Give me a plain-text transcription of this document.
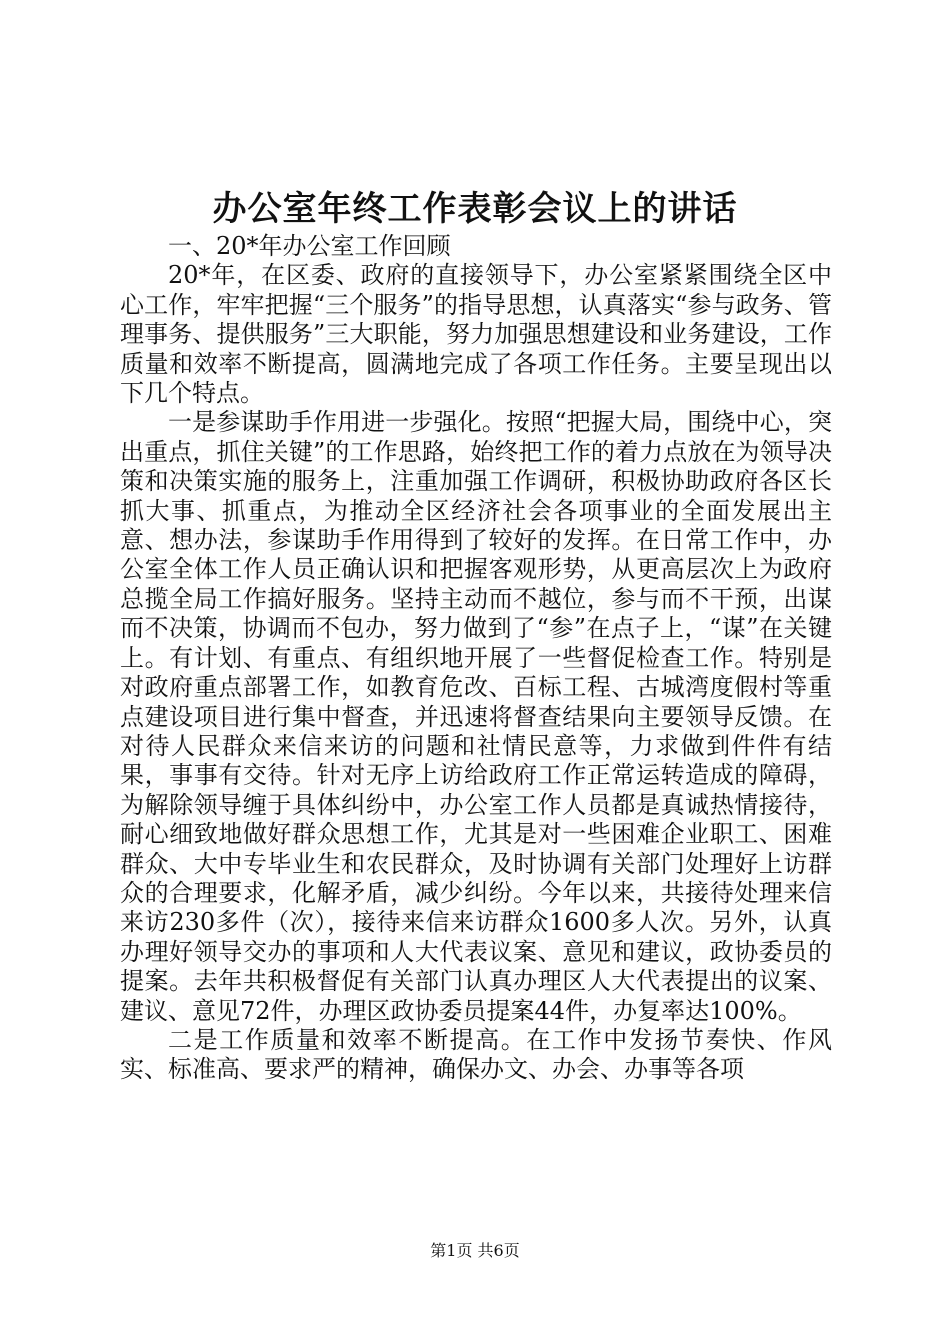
办公室年终工作表彰会议上的讲话

一、20*年办公室工作回顾

20*年，在区委、政府的直接领导下，办公室紧紧围绕全区中心工作，牢牢把握“三个服务”的指导思想，认真落实“参与政务、管理事务、提供服务”三大职能，努力加强思想建设和业务建设，工作质量和效率不断提高，圆满地完成了各项工作任务。主要呈现出以下几个特点。

一是参谋助手作用进一步强化。按照“把握大局，围绕中心，突出重点，抓住关键”的工作思路，始终把工作的着力点放在为领导决策和决策实施的服务上，注重加强工作调研，积极协助政府各区长抓大事、抓重点，为推动全区经济社会各项事业的全面发展出主意、想办法，参谋助手作用得到了较好的发挥。在日常工作中，办公室全体工作人员正确认识和把握客观形势，从更高层次上为政府总揽全局工作搞好服务。坚持主动而不越位，参与而不干预，出谋而不决策，协调而不包办，努力做到了“参”在点子上，“谋”在关键上。有计划、有重点、有组织地开展了一些督促检查工作。特别是对政府重点部署工作，如教育危改、百标工程、古城湾度假村等重点建设项目进行集中督查，并迅速将督查结果向主要领导反馈。在对待人民群众来信来访的问题和社情民意等，力求做到件件有结果，事事有交待。针对无序上访给政府工作正常运转造成的障碍，为解除领导缠于具体纠纷中，办公室工作人员都是真诚热情接待，耐心细致地做好群众思想工作，尤其是对一些困难企业职工、困难群众、大中专毕业生和农民群众，及时协调有关部门处理好上访群众的合理要求，化解矛盾，减少纠纷。今年以来，共接待处理来信来访230多件（次），接待来信来访群众1600多人次。另外，认真办理好领导交办的事项和人大代表议案、意见和建议，政协委员的提案。去年共积极督促有关部门认真办理区人大代表提出的议案、建议、意见72件，办理区政协委员提案44件，办复率达100%。

二是工作质量和效率不断提高。在工作中发扬节奏快、作风实、标准高、要求严的精神，确保办文、办会、办事等各项

第1页 共6页
